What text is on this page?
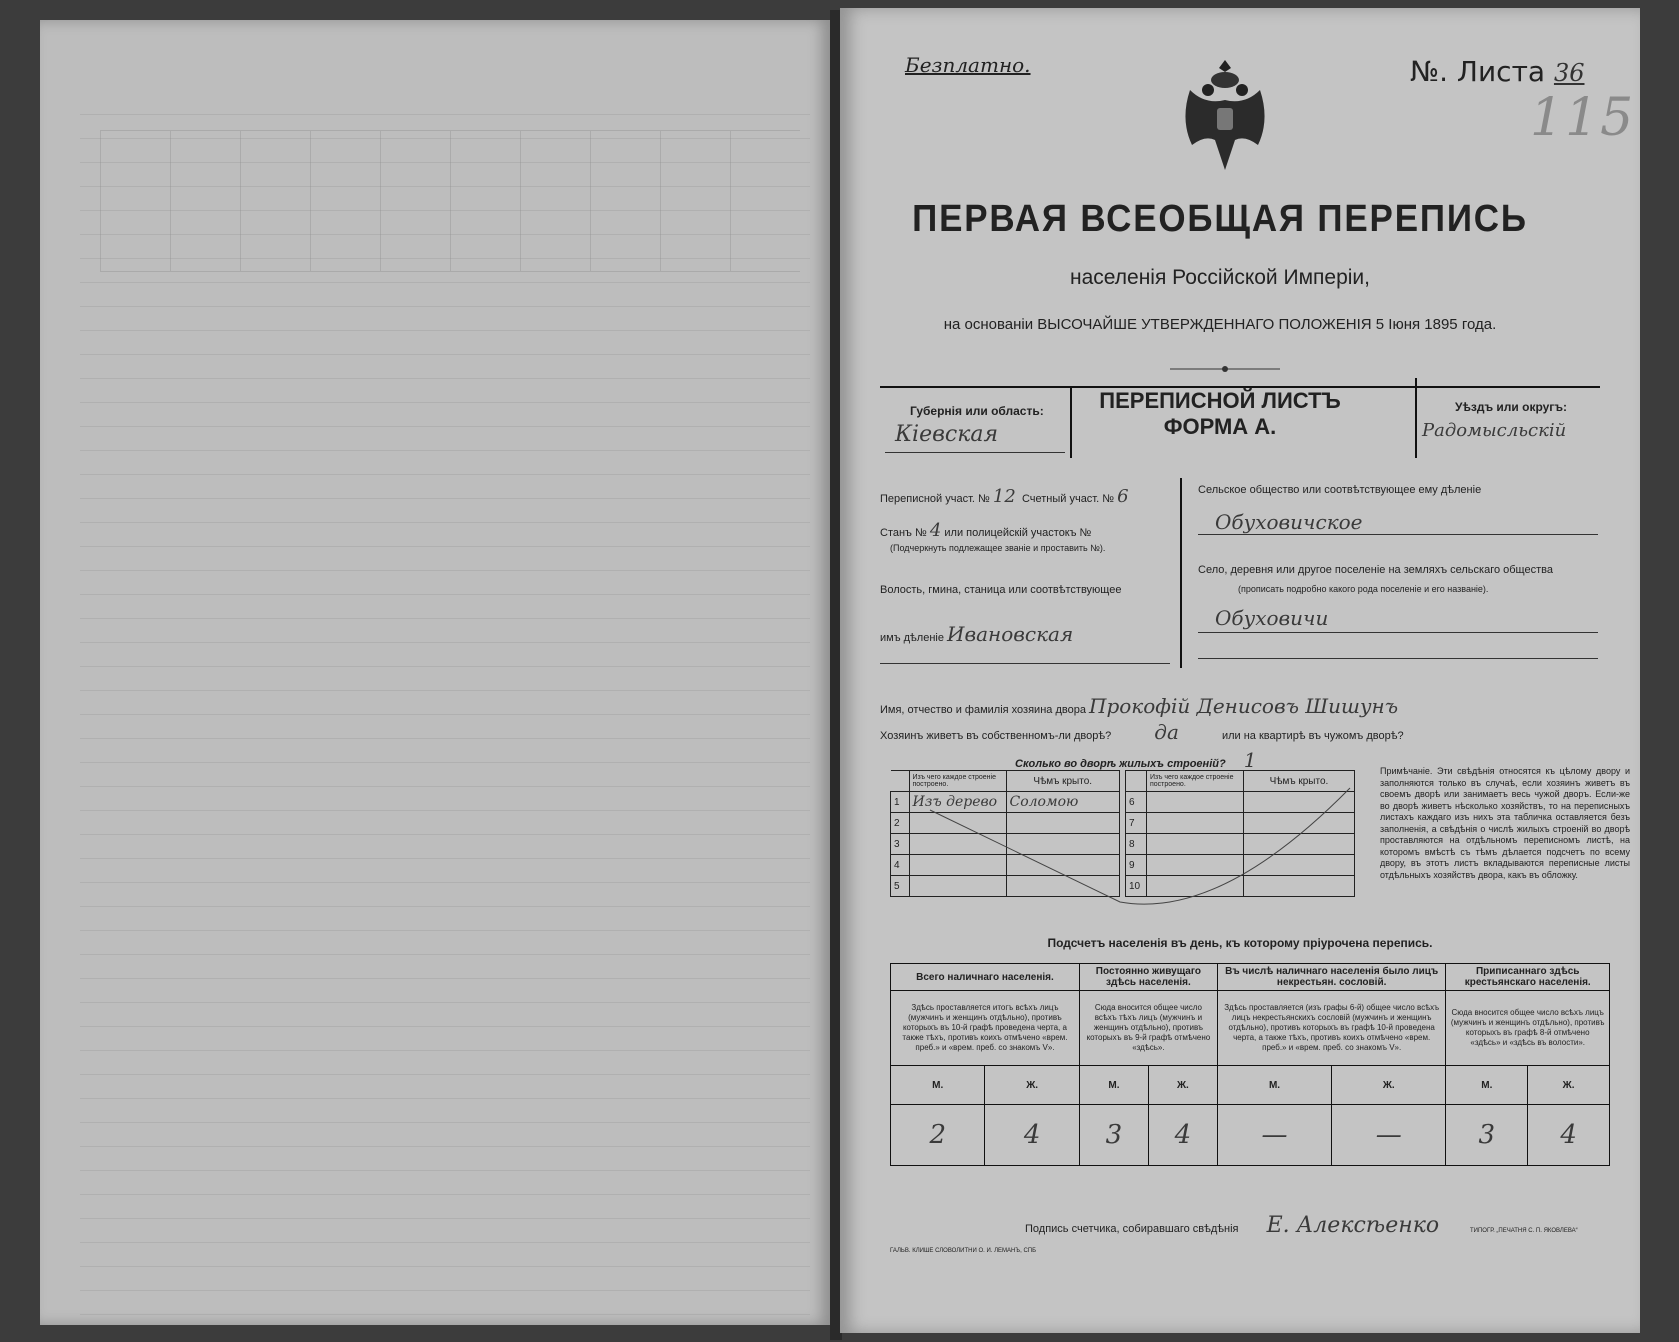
Безплатно.	№. Листа 36
115
ПЕРВАЯ ВСЕОБЩАЯ ПЕРЕПИСЬ
населенія Россійской Имперіи,
на основаніи ВЫСОЧАЙШЕ УТВЕРЖДЕННАГО ПОЛОЖЕНІЯ 5 Іюня 1895 года.
Губернія или область:
Кіевская
ПЕРЕПИСНОЙ ЛИСТЪ
ФОРМА А.
Уѣздъ или округъ:
Радомысльскій
Переписной участ. № 12 Счетный участ. № 6
Станъ № 4 или полицейскій участокъ №
(Подчеркнуть подлежащее званіе и проставить №).
Волость, гмина, станица или соотвѣтствующее
имъ дѣленіе Ивановская
Сельское общество или соотвѣтствующее ему дѣленіе
Обуховичское
Село, деревня или другое поселеніе на земляхъ сельскаго общества
(прописать подробно какого рода поселеніе и его названіе).
Обуховичи
Имя, отчество и фамилія хозяина двора Прокофій Денисовъ Шишунъ
Хозяинъ живетъ въ собственномъ-ли дворѣ? да	или на квартирѣ въ чужомъ дворѣ?
Сколько во дворѣ жилыхъ строеній? 1
	Изъ чего каждое строеніе построено.	Чѣмъ крыто.
1	Изъ дерево	Соломою
2		
3		
4		
5		
	Изъ чего каждое строеніе построено.	Чѣмъ крыто.
6		
7		
8		
9		
10		
Примѣчаніе. Эти свѣдѣнія относятся къ цѣлому двору и заполняются только въ случаѣ, если хозяинъ живетъ въ своемъ дворѣ или занимаетъ весь чужой дворъ. Если-же во дворѣ живетъ нѣсколько хозяйствъ, то на переписныхъ листахъ каждаго изъ нихъ эта табличка оставляется безъ заполненія, а свѣдѣнія о числѣ жилыхъ строеній во дворѣ проставляются на отдѣльномъ переписномъ листѣ, на которомъ вмѣстѣ съ тѣмъ дѣлается подсчетъ по всему двору, въ этотъ листъ вкладываются переписные листы отдѣльныхъ хозяйствъ двора, какъ въ обложку.
Подсчетъ населенія въ день, къ которому пріурочена перепись.
Всего наличнаго населенія.		Постоянно живущаго здѣсь населенія.		Въ числѣ наличнаго населенія было лицъ некрестьян. сословій.		Приписаннаго здѣсь крестьянскаго населенія.	
Здѣсь проставляется итогъ всѣхъ лицъ (мужчинъ и женщинъ отдѣльно), противъ которыхъ въ 10-й графѣ проведена черта, а также тѣхъ, противъ коихъ отмѣчено «врем. преб.» и «врем. преб. со знакомъ V».		Сюда вносится общее число всѣхъ тѣхъ лицъ (мужчинъ и женщинъ отдѣльно), противъ которыхъ въ 9-й графѣ отмѣчено «здѣсь».		Здѣсь проставляется (изъ графы 6-й) общее число всѣхъ лицъ некрестьянскихъ сословій (мужчинъ и женщинъ отдѣльно), противъ которыхъ въ графѣ 10-й проведена черта, а также тѣхъ, противъ коихъ отмѣчено «врем. преб.» и «врем. преб. со знакомъ V».		Сюда вносится общее число всѣхъ лицъ (мужчинъ и женщинъ отдѣльно), противъ которыхъ въ графѣ 8-й отмѣчено «здѣсь» и «здѣсь въ волости».	
М.	Ж.	М.	Ж.	М.	Ж.	М.	Ж.
2	4	3	4	—	—	3	4
Подпись счетчика, собиравшаго свѣдѣнія Е. Алексѣенко
ГАЛЬВ. КЛИШЕ СЛОВОЛИТНИ О. И. ЛЕМАНЪ, СПБ
ТИПОГР. „ПЕЧАТНЯ С. П. ЯКОВЛЕВА“
